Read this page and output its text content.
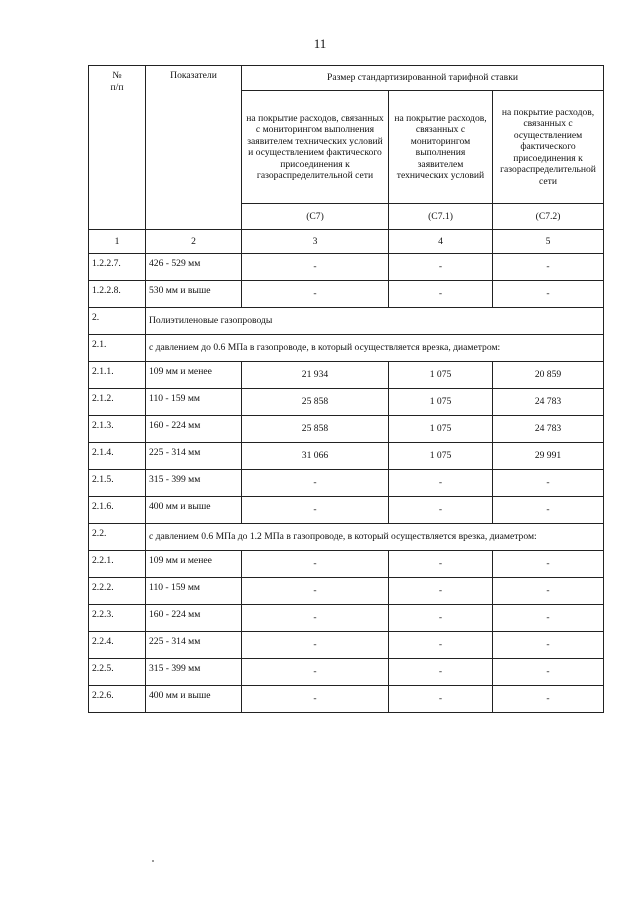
11
№
п/п	Показатели	Размер стандартизированной тарифной ставки		
		на покрытие расходов, связанных с мониторингом выполнения заявителем технических условий и осуществлением фактического присоединения к газораспределительной сети	на покрытие расходов, связанных с мониторингом выполнения заявителем технических условий	на покрытие расходов, связанных с осуществлением фактического присоединения к газораспределительной сети
		(С7)	(С7.1)	(С7.2)
1	2	3	4	5
1.2.2.7.	426 - 529 мм	-	-	-
1.2.2.8.	530 мм и выше	-	-	-
2.	Полиэтиленовые газопроводы			
2.1.	с давлением до 0.6 МПа в газопроводе, в который осуществляется врезка, диаметром:			
2.1.1.	109 мм и менее	21 934	1 075	20 859
2.1.2.	110 - 159 мм	25 858	1 075	24 783
2.1.3.	160 - 224 мм	25 858	1 075	24 783
2.1.4.	225 - 314 мм	31 066	1 075	29 991
2.1.5.	315 - 399 мм	-	-	-
2.1.6.	400 мм и выше	-	-	-
2.2.	с давлением 0.6 МПа до 1.2 МПа в газопроводе, в который осуществляется врезка, диаметром:			
2.2.1.	109 мм и менее	-	-	-
2.2.2.	110 - 159 мм	-	-	-
2.2.3.	160 - 224 мм	-	-	-
2.2.4.	225 - 314 мм	-	-	-
2.2.5.	315 - 399 мм	-	-	-
2.2.6.	400 мм и выше	-	-	-
